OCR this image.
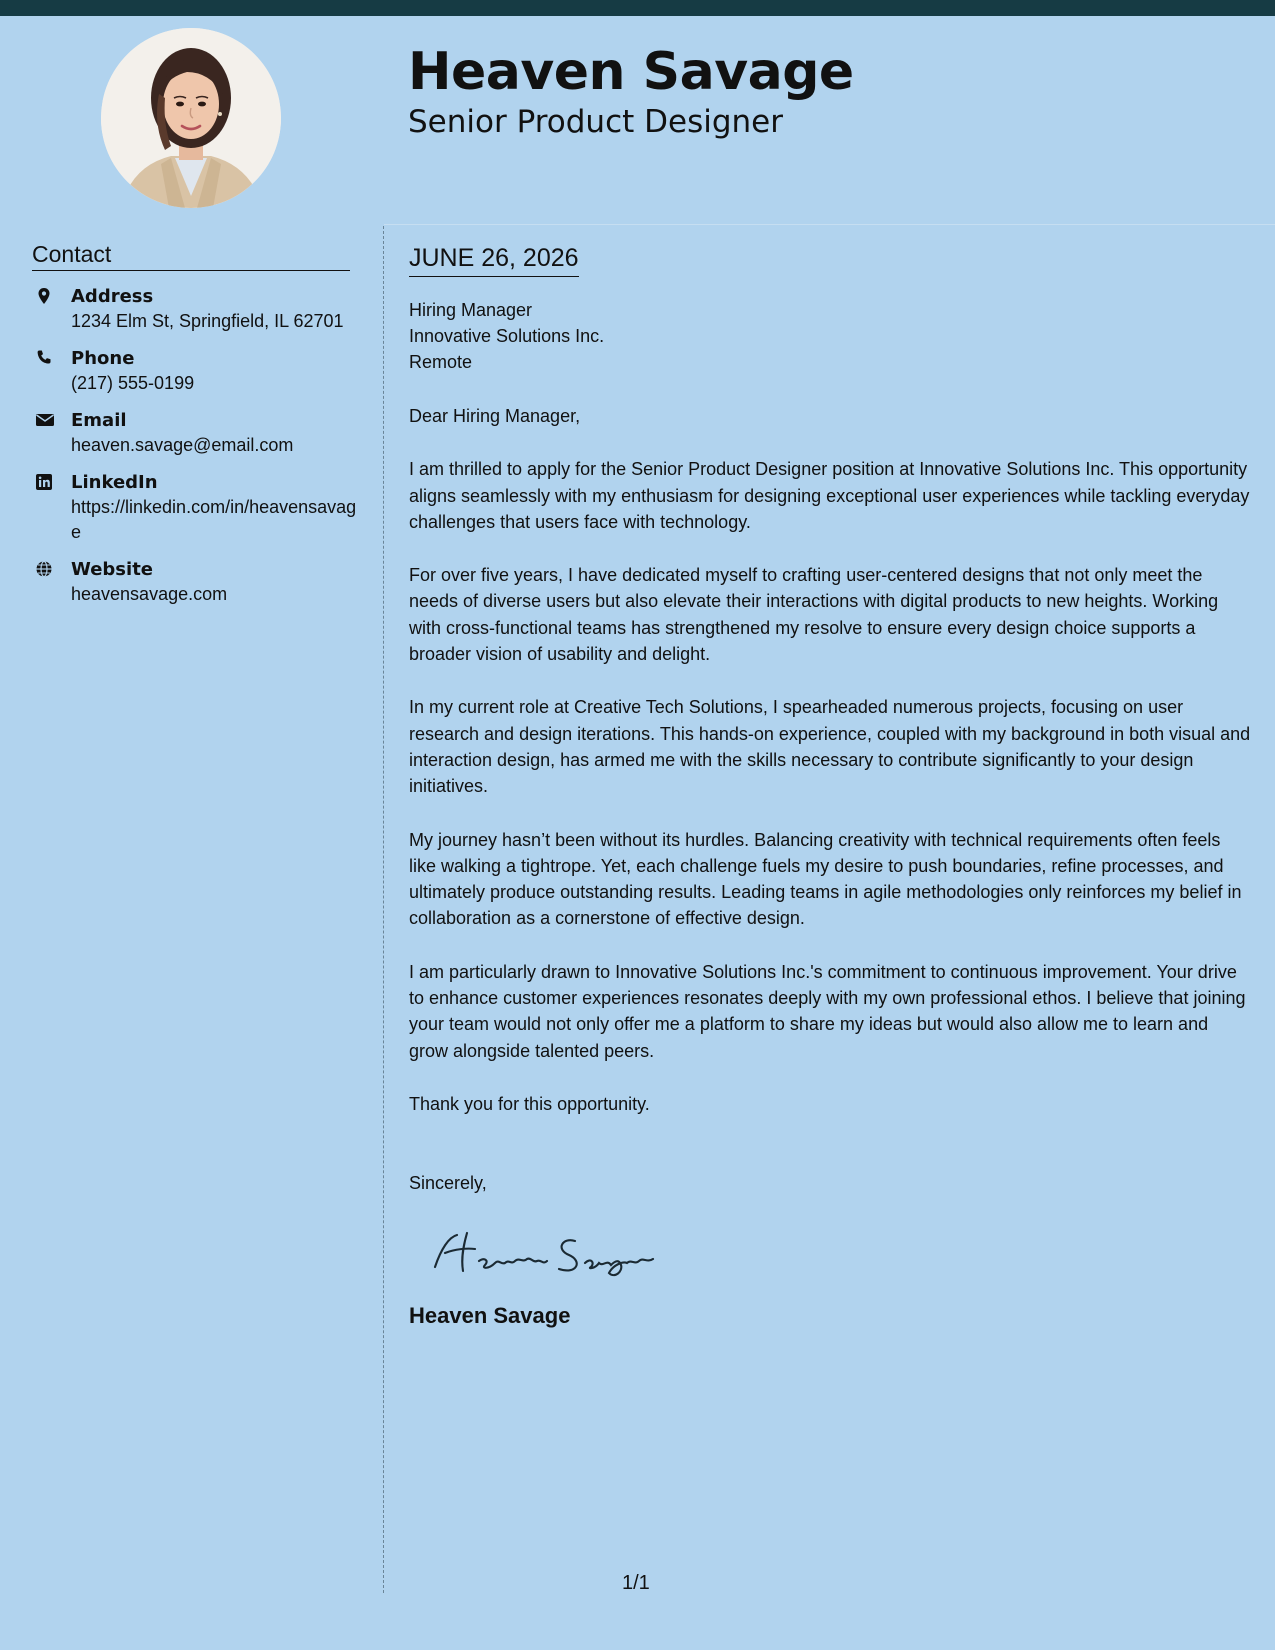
Heaven Savage
Senior Product Designer
Contact
Address
1234 Elm St, Springfield, IL 62701
Phone
(217) 555-0199
Email
heaven.savage@email.com
LinkedIn
https://linkedin.com/in/heavensavage
Website
heavensavage.com
JUNE 26, 2026
Hiring Manager
Innovative Solutions Inc.
Remote

Dear Hiring Manager,

I am thrilled to apply for the Senior Product Designer position at Innovative Solutions Inc. This opportunity aligns seamlessly with my enthusiasm for designing exceptional user experiences while tackling everyday challenges that users face with technology.

For over five years, I have dedicated myself to crafting user-centered designs that not only meet the needs of diverse users but also elevate their interactions with digital products to new heights. Working with cross-functional teams has strengthened my resolve to ensure every design choice supports a broader vision of usability and delight.

In my current role at Creative Tech Solutions, I spearheaded numerous projects, focusing on user research and design iterations. This hands-on experience, coupled with my background in both visual and interaction design, has armed me with the skills necessary to contribute significantly to your design initiatives.

My journey hasn’t been without its hurdles. Balancing creativity with technical requirements often feels like walking a tightrope. Yet, each challenge fuels my desire to push boundaries, refine processes, and ultimately produce outstanding results. Leading teams in agile methodologies only reinforces my belief in collaboration as a cornerstone of effective design.

I am particularly drawn to Innovative Solutions Inc.'s commitment to continuous improvement. Your drive to enhance customer experiences resonates deeply with my own professional ethos. I believe that joining your team would not only offer me a platform to share my ideas but would also allow me to learn and grow alongside talented peers.

Thank you for this opportunity.

Sincerely,

Heaven Savage
1/1
